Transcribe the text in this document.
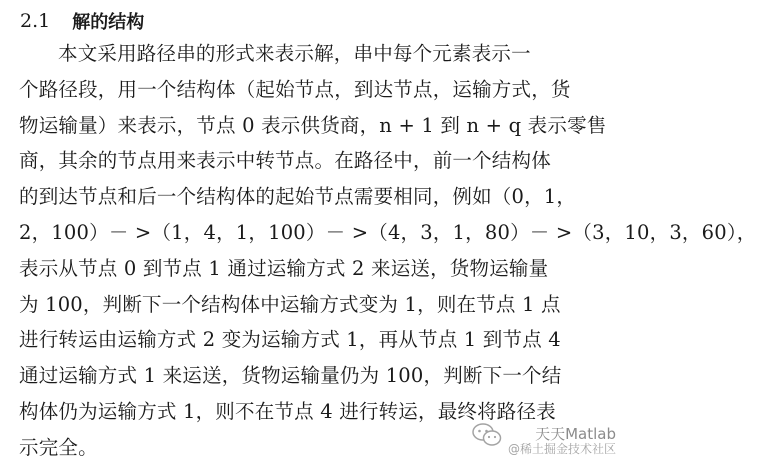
2.1 解的结构
本文采用路径串的形式来表示解，串中每个元素表示一
个路径段，用一个结构体（起始节点，到达节点，运输方式，货
物运输量）来表示，节点 0 表示供货商，n + 1 到 n + q 表示零售
商，其余的节点用来表示中转节点。在路径中，前一个结构体
的到达节点和后一个结构体的起始节点需要相同，例如（0，1，
2，100）－ >（1，4，1，100）－ >（4，3，1，80）－ >（3，10，3，60），
表示从节点 0 到节点 1 通过运输方式 2 来运送，货物运输量
为 100，判断下一个结构体中运输方式变为 1，则在节点 1 点
进行转运由运输方式 2 变为运输方式 1，再从节点 1 到节点 4
通过运输方式 1 来运送，货物运输量仍为 100，判断下一个结
构体仍为运输方式 1，则不在节点 4 进行转运，最终将路径表
示完全。
天天Matlab
@稀土掘金技术社区
